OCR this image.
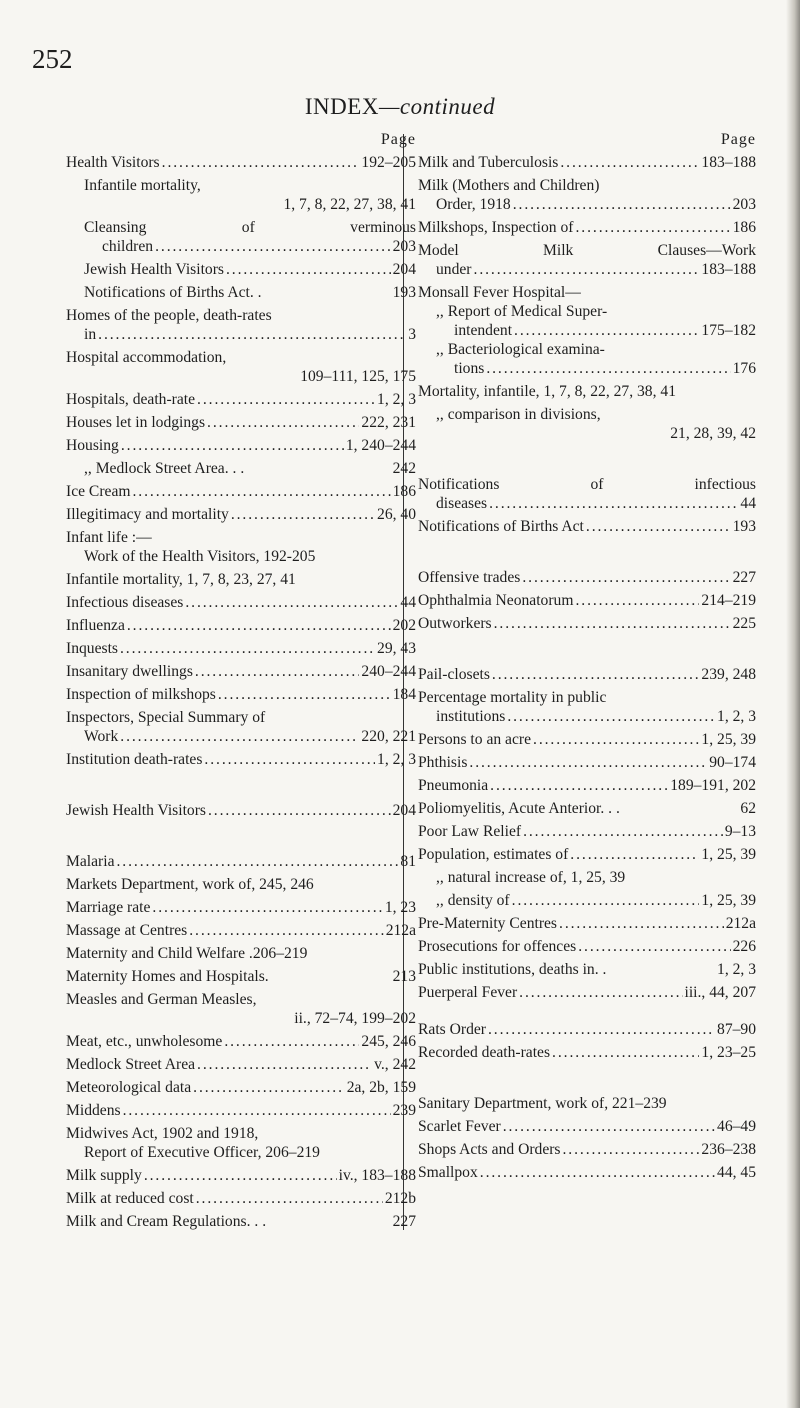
252
INDEX—continued
Page
Health Visitors . . .	192–205
Infantile mortality,
1, 7, 8, 22, 27, 38, 41
Cleansing of verminous
children . . .	203
Jewish Health Visitors . . .	204
Notifications of Births Act. .	193
Homes of the people, death-rates
in . . .	3
Hospital accommodation,
109–111, 125, 175
Hospitals, death-rate . . .	1, 2, 3
Houses let in lodgings . . .	222, 231
Housing . . .	1, 240–244
,, Medlock Street Area. . .	242
Ice Cream . . .	186
Illegitimacy and mortality . . .	26, 40
Infant life :—
Work of the Health Visitors, 192-205
Infantile mortality, 1, 7, 8, 23, 27, 41
Infectious diseases . . .	44
Influenza . . .	202
Inquests . . .	29, 43
Insanitary dwellings . . .	240–244
Inspection of milkshops . . .	184
Inspectors, Special Summary of
Work . . .	220, 221
Institution death-rates . . .	1, 2, 3
Jewish Health Visitors . . .	204
Malaria . . .	81
Markets Department, work of, 245, 246
Marriage rate . . .	1, 23
Massage at Centres . . .	212a
Maternity and Child Welfare .206–219
Maternity Homes and Hospitals.	213
Measles and German Measles,
ii., 72–74, 199–202
Meat, etc., unwholesome . . .	245, 246
Medlock Street Area . . .	v., 242
Meteorological data . . .	2a, 2b, 159
Middens . . .	239
Midwives Act, 1902 and 1918,
Report of Executive Officer, 206–219
Milk supply . . .	iv., 183–188
Milk at reduced cost . . .	212b
Milk and Cream Regulations. . .	227
Page
Milk and Tuberculosis . . .	183–188
Milk (Mothers and Children)
Order, 1918 . . .	203
Milkshops, Inspection of . . .	186
Model Milk Clauses—Work
under . . .	183–188
Monsall Fever Hospital—
,, Report of Medical Super-
intendent . . .	175–182
,, Bacteriological examina-
tions . . .	176
Mortality, infantile, 1, 7, 8, 22, 27, 38, 41
,, comparison in divisions,
21, 28, 39, 42
Notifications of infectious
diseases . . .	44
Notifications of Births Act . . .	193
Offensive trades . . .	227
Ophthalmia Neonatorum . . .	214–219
Outworkers . . .	225
Pail-closets . . .	239, 248
Percentage mortality in public
institutions . . .	1, 2, 3
Persons to an acre . . .	1, 25, 39
Phthisis . . .	90–174
Pneumonia . . .	189–191, 202
Poliomyelitis, Acute Anterior. . .	62
Poor Law Relief . . .	9–13
Population, estimates of . . .	1, 25, 39
,, natural increase of, 1, 25, 39
,, density of . . .	1, 25, 39
Pre-Maternity Centres . . .	212a
Prosecutions for offences . . .	226
Public institutions, deaths in. .	1, 2, 3
Puerperal Fever . . .	iii., 44, 207
Rats Order . . .	87–90
Recorded death-rates . . .	1, 23–25
Sanitary Department, work of, 221–239
Scarlet Fever . . .	46–49
Shops Acts and Orders . . .	236–238
Smallpox . . .	44, 45
